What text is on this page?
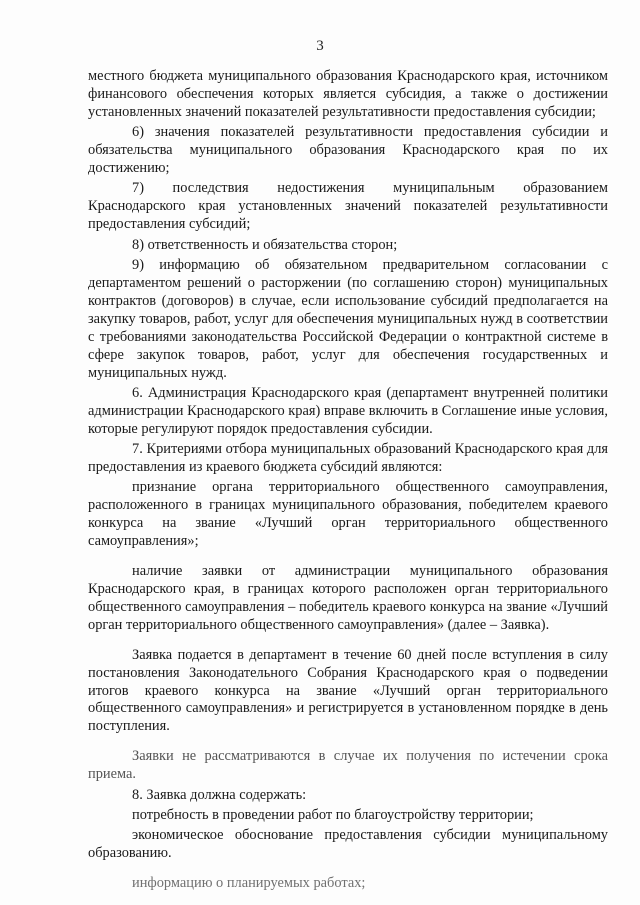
3

местного бюджета муниципального образования Краснодарского края, источником финансового обеспечения которых является субсидия, а также о достижении установленных значений показателей результативности предоставления субсидии;

6) значения показателей результативности предоставления субсидии и обязательства муниципального образования Краснодарского края по их достижению;

7) последствия недостижения муниципальным образованием Краснодарского края установленных значений показателей результативности предоставления субсидий;

8) ответственность и обязательства сторон;

9) информацию об обязательном предварительном согласовании с департаментом решений о расторжении (по соглашению сторон) муниципальных контрактов (договоров) в случае, если использование субсидий предполагается на закупку товаров, работ, услуг для обеспечения муниципальных нужд в соответствии с требованиями законодательства Российской Федерации о контрактной системе в сфере закупок товаров, работ, услуг для обеспечения государственных и муниципальных нужд.

6. Администрация Краснодарского края (департамент внутренней политики администрации Краснодарского края) вправе включить в Соглашение иные условия, которые регулируют порядок предоставления субсидии.

7. Критериями отбора муниципальных образований Краснодарского края для предоставления из краевого бюджета субсидий являются:

признание органа территориального общественного самоуправления, расположенного в границах муниципального образования, победителем краевого конкурса на звание «Лучший орган территориального общественного самоуправления»;

наличие заявки от администрации муниципального образования Краснодарского края, в границах которого расположен орган территориального общественного самоуправления – победитель краевого конкурса на звание «Лучший орган территориального общественного самоуправления» (далее – Заявка).

Заявка подается в департамент в течение 60 дней после вступления в силу постановления Законодательного Собрания Краснодарского края о подведении итогов краевого конкурса на звание «Лучший орган территориального общественного самоуправления» и регистрируется в установленном порядке в день поступления.

Заявки не рассматриваются в случае их получения по истечении срока приема.

8. Заявка должна содержать:

потребность в проведении работ по благоустройству территории;

экономическое обоснование предоставления субсидии муниципальному образованию.

информацию о планируемых работах;
